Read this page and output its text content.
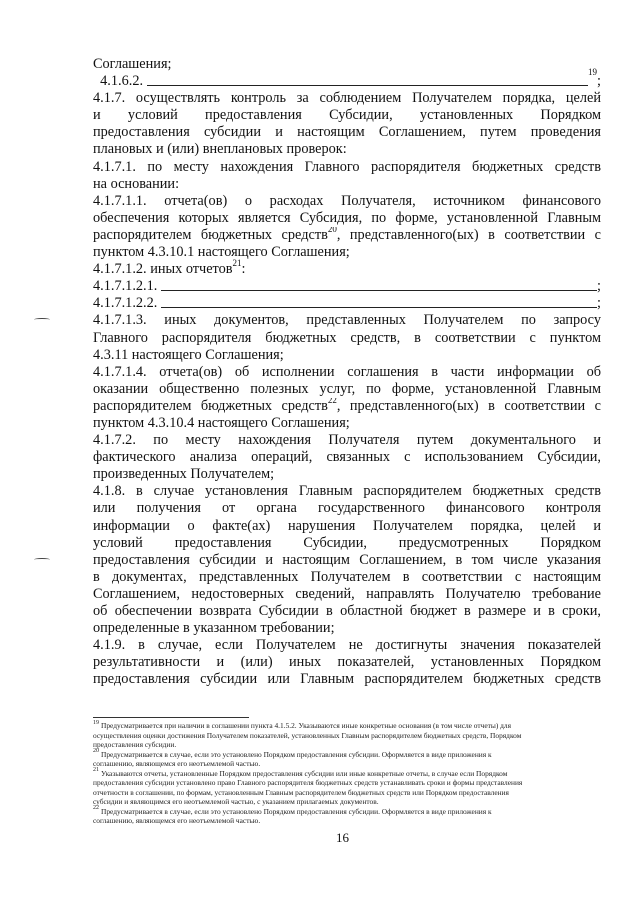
Соглашения;
4.1.6.2.
$^{19}$
;
4.1.7. осуществлять контроль за соблюдением Получателем порядка, целей
и условий предоставления Субсидии, установленных Порядком
предоставления субсидии и настоящим Соглашением, путем проведения
плановых и (или) внеплановых проверок:
4.1.7.1. по месту нахождения Главного распорядителя бюджетных средств
на основании:
4.1.7.1.1. отчета(ов) о расходах Получателя, источником финансового
обеспечения которых является Субсидия, по форме, установленной Главным
распорядителем бюджетных средств$^{20}$, представленного(ых) в соответствии с
пунктом 4.3.10.1 настоящего Соглашения;
4.1.7.1.2. иных отчетов$^{21}$:
4.1.7.1.2.1.	;
4.1.7.1.2.2.	;
4.1.7.1.3. иных документов, представленных Получателем по запросу
Главного распорядителя бюджетных средств, в соответствии с пунктом
4.3.11 настоящего Соглашения;
4.1.7.1.4. отчета(ов) об исполнении соглашения в части информации об
оказании общественно полезных услуг, по форме, установленной Главным
распорядителем бюджетных средств$^{22}$, представленного(ых) в соответствии с
пунктом 4.3.10.4 настоящего Соглашения;
4.1.7.2. по месту нахождения Получателя путем документального и
фактического анализа операций, связанных с использованием Субсидии,
произведенных Получателем;
4.1.8. в случае установления Главным распорядителем бюджетных средств
или получения от органа государственного финансового контроля
информации о факте(ах) нарушения Получателем порядка, целей и
условий предоставления Субсидии, предусмотренных Порядком
предоставления субсидии и настоящим Соглашением, в том числе указания
в документах, представленных Получателем в соответствии с настоящим
Соглашением, недостоверных сведений, направлять Получателю требование
об обеспечении возврата Субсидии в областной бюджет в размере и в сроки,
определенные в указанном требовании;
4.1.9. в случае, если Получателем не достигнуты значения показателей
результативности и (или) иных показателей, установленных Порядком
предоставления субсидии или Главным распорядителем бюджетных средств
$^{19}$ Предусматривается при наличии в соглашении пункта 4.1.5.2. Указываются иные конкретные основания (в том числе отчеты) для
осуществления оценки достижения Получателем показателей, установленных Главным распорядителем бюджетных средств, Порядком
предоставления субсидии.
$^{20}$ Предусматривается в случае, если это установлено Порядком предоставления субсидии. Оформляется в виде приложения к
соглашению, являющемся его неотъемлемой частью.
$^{21}$ Указываются отчеты, установленные Порядком предоставления субсидии или иные конкретные отчеты, в случае если Порядком
предоставления субсидии установлено право Главного распорядителя бюджетных средств устанавливать сроки и формы представления
отчетности в соглашении, по формам, установленным Главным распорядителем бюджетных средств или Порядком предоставления
субсидии и являющимся его неотъемлемой частью, с указанием прилагаемых документов.
$^{22}$ Предусматривается в случае, если это установлено Порядком предоставления субсидии. Оформляется в виде приложения к
соглашению, являющемся его неотъемлемой частью.
16
